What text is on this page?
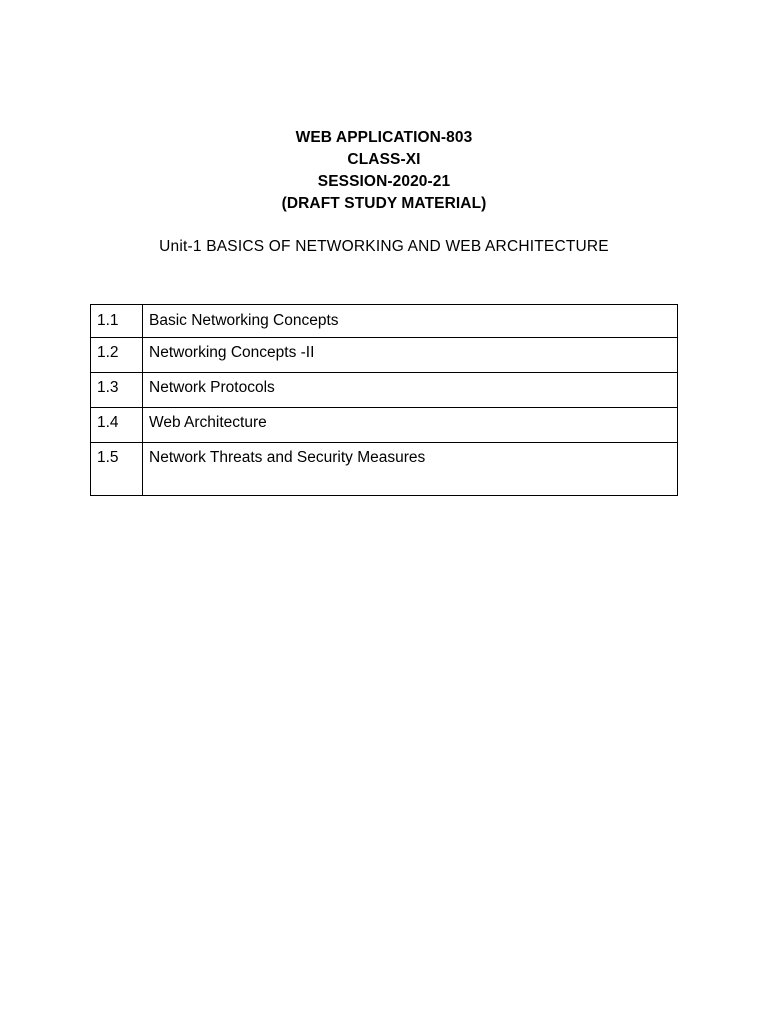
WEB APPLICATION-803

CLASS-XI

SESSION-2020-21

(DRAFT STUDY MATERIAL)

Unit-1 BASICS OF NETWORKING AND WEB ARCHITECTURE
1.1	Basic Networking Concepts
1.2	Networking Concepts -II
1.3	Network Protocols
1.4	Web Architecture
1.5	Network Threats and Security Measures
